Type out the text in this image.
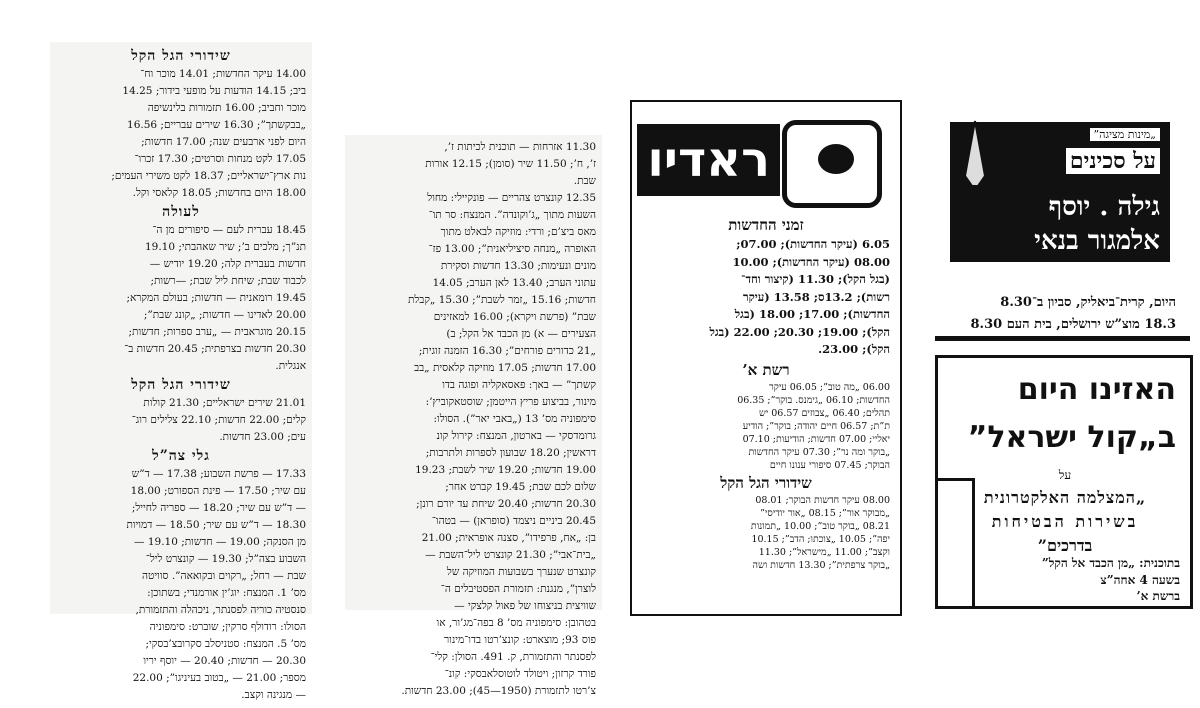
שידורי הגל הקל
14.00 עיקר החדשות; 14.01 מוכר וח־
ביב; 14.15 הודעות על מופעי בידור; 14.25
מוכר וחביב; 16.00 תזמורות בלינשיפה
„בבקשתך”; 16.30 שירים עבריים; 16.56
היום לפני ארבעים שנה; 17.00 חדשות;
17.05 לקט מנחות וסרטים; 17.30 זכרו־
נות ארץ־ישראליים; 18.37 לקט משירי העמים;
18.00 היום בחדשות; 18.05 קלאסי וקל.
לעולה
18.45 עברית לעם — סיפורים מן ה־
תנ”ך; מלכים ב’; שיר שאהבתי; 19.10
חדשות בעברית קלה; 19.20 יודיש —
לכבוד שבת; שיחת ליל שבת; —רשות;
19.45 רומאנית — חדשות; בעולם המקרא;
20.00 לאדינו — חדשות; „קונג שבת”;
20.15 מוגראבית — „ערב ספרות; חדשות;
20.30 חדשות בצרפתית; 20.45 חדשות ב־
אנגלית.
שידורי הגל הקל
21.01 שירים ישראליים; 21.30 קולות
קלים; 22.00 חדשות; 22.10 צלילים רוג־
עים; 23.00 חדשות.
גלי צה”ל
17.33 — פרשת השבוע; 17.38 — ד”ש
עם שיר; 17.50 — פינת הספורט; 18.00
— ד”ש עם שיר; 18.20 — ספריה לחייל;
18.30 — ד”ש עם שיר; 18.50 — דמויות
מן הסנקה; 19.00 — חדשות; 19.10 —
השבוע בצה”ל; 19.30 — קונצרט ליל־
שבת — רחל; „רקוים ובקואאה”. סוויטה
מס’ 1. המנצח: יוג’ין אורמנדי; בשתוכן:
סנסטיה כוריה לפסנתר, ניכהלה והתזמורת,
הסולו: רודולף סרקין; שוברט: סימפוניה
מס’ 5. המנצח: סטניסלב סקרובצ’בסקי;
20.30 — חדשות; 20.40 — יוסף יריו
מספר; 21.00 — „בטוב בעיניגו”; 22.00
— מנגינה וקצב.
11.30 אזרחות — תוכנית לכיתות ז’,
ז’, ח’; 11.50 שיר (סומן); 12.15 אורות
שבת.
12.35 קונצרט צהריים — פונקיילי: מחול
השעות מתוך „ג’וקונדה”. המנצח: סר תו־
מאס ביצ’ם; ורדי: מוזיקה לבאלט מתוך
האופרה „מנחה סיציליאנית”; 13.00 פז־
מונים ונעימות; 13.30 חדשות וסקירת
עתוני הערב; 13.40 לאן הערב; 14.05
חדשות; 15.16 „זמר לשבת”; 15.30 „קבלת
שבת” (פרשת ויקרא); 16.00 למאזינים
הצעירים — א) מן הכבד אל הקל; ב)
„21 כדורים פורחים”; 16.30 הזמנה זוגית;
17.00 חדשות; 17.05 מוזיקה קלאסית „בב
קשתך” — באך: פאסאקליה ופוגה בדו
מינור, בביצוע פריץ הייטמן; שוסטאקוביץ’:
סימפוניה מס’ 13 („באבי יאר”). הסולו:
גרומדסקי — בארטון, המנצח: קירול קונ
דראשין; 18.20 שבועון לספרות ולתרבות;
19.00 חדשות; 19.20 שיר לשבת; 19.23
שלום לכם שבת; 19.45 קברט אחר;
20.30 חדשות; 20.40 שיחת עד יורם רונן;
20.45 ביניים ניצמד (סופראן) — בטהו־
בן: „אח, פרפידו”, סצנה אופראית; 21.00
„בית־אבי”; 21.30 קונצרט ליל־השבת —
קונצרט שנערך בשבועות המוזיקה של
לוצרן”, מנגנת: תזמורת הפסטיבלים ה־
שוויצית בניצוחו של פאול קלצקי —
בטהובן: סימפוניה מס’ 8 בפה־מג’ור, או
פוס 93; מוצארט: קונצ’רטו בדו־מינור
לפסנתר והתזמורת, ק. 491. הסולן: קלי־
פורד קרזון; ויטולד לוטוסלאבסקי: קונ־
צ’רטו לתזמורת (1950—45); 23.00 חדשות.
ראדיו
זמני החדשות
6.05 (עיקר החדשות); 07.00;
08.00 (עיקר החדשות); 10.00
(בגל הקל); 11.30 (קיצור וחד־
רשות); 13.2ס; 13.58 (עיקר
החדשות); 17.00; 18.00 (בגל
הקל); 19.00; 20.30; 22.00 (בגל
הקל); 23.00.
רשת א’
06.00 „מה טוב”; 06.05 עיקר
החדשות; 06.10 „גימנס. בוקר”; 06.35
תהלים; 06.40 „צבוזים 06.57 יש
ת”ת; 06.57 חיים יהודה; בוקר”; הודיע
יאליי; 07.00 חדשות; הודיעות; 07.10
„בוקר ומה נר”; 07.30 עיקר החדשות
הבוקר; 07.45 סיפורי ענונו חיים
שידורי הגל הקל
08.00 עיקר חדשות הבוקר; 08.01
„מבוקר אור”; 08.15 „אור יודיסי”
08.21 „בוקר טוב”; 10.00 „תמונות
יפה”; 10.05 „צוכתו; הדב”; 10.15
וקצב”; 11.00 „מישראל”; 11.30
„בוקר צרפתית”; 13.30 חדשות ושה
„מינות מציגה”
על סכינים
גילה . יוסף
אלמגור בנאי
היום, קרית־ביאליק, סביון ב־8.30
18.3 מוצ”ש ירושלים, בית העם 8.30
האזינו היום
ב„קול ישראל”
על
„המצלמה האלקטרונית
בשירות הבטיחות
בדרכים”
בתוכנית: „מן הכבד אל הקל”
בשעה 4 אחה”צ
ברשת א’
